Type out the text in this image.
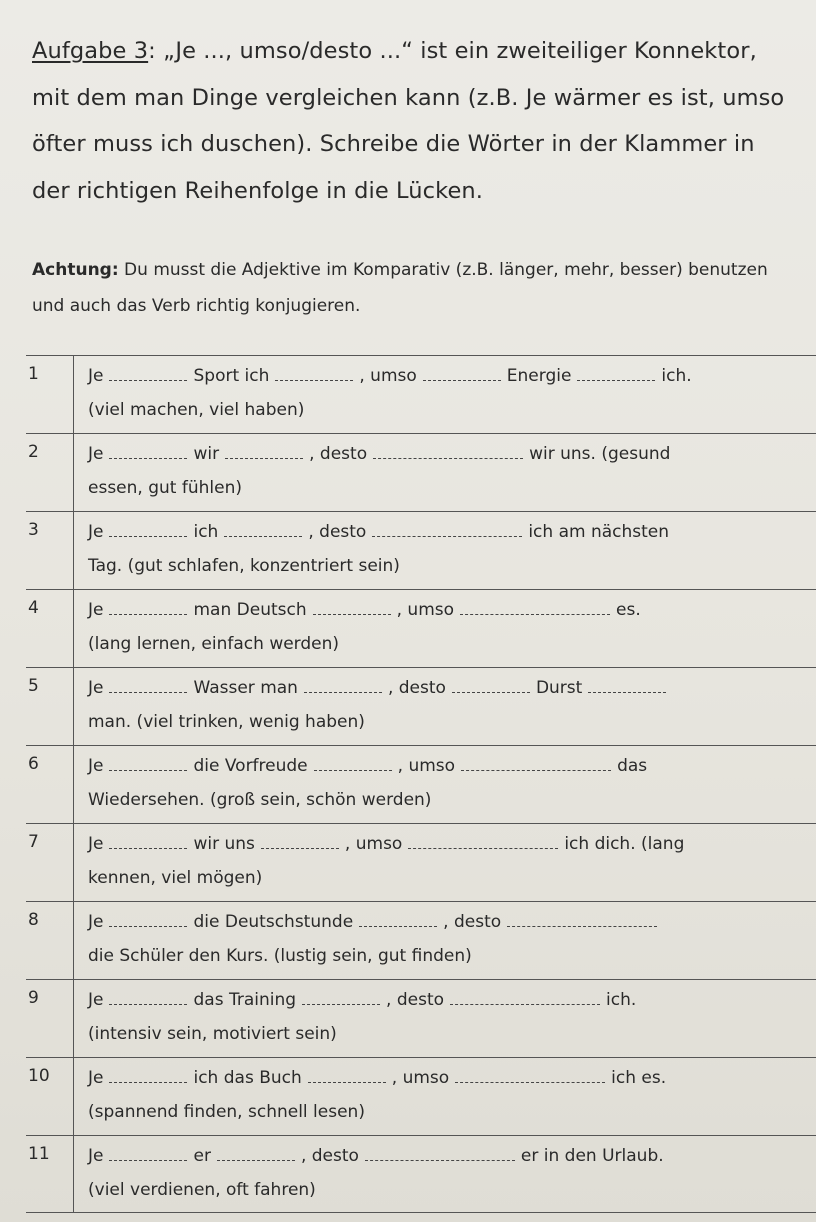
Aufgabe 3: „Je ..., umso/desto ...“ ist ein zweiteiliger Konnektor, mit dem man Dinge vergleichen kann (z.B. Je wärmer es ist, umso öfter muss ich duschen). Schreibe die Wörter in der Klammer in der richtigen Reihenfolge in die Lücken.
Achtung: Du musst die Adjektive im Komparativ (z.B. länger, mehr, besser) benutzen und auch das Verb richtig konjugieren.
1	Je	Sport ich	, umso	Energie	ich.
(viel machen, viel haben)
2	Je	wir	, desto	wir uns. (gesund
essen, gut fühlen)
3	Je	ich	, desto	ich am nächsten
Tag. (gut schlafen, konzentriert sein)
4	Je	man Deutsch	, umso	es.
(lang lernen, einfach werden)
5	Je	Wasser man	, desto	Durst
man. (viel trinken, wenig haben)
6	Je	die Vorfreude	, umso	das
Wiedersehen. (groß sein, schön werden)
7	Je	wir uns	, umso	ich dich. (lang
kennen, viel mögen)
8	Je	die Deutschstunde	, desto
die Schüler den Kurs. (lustig sein, gut finden)
9	Je	das Training	, desto	ich.
(intensiv sein, motiviert sein)
10	Je	ich das Buch	, umso	ich es.
(spannend finden, schnell lesen)
11	Je	er	, desto	er in den Urlaub.
(viel verdienen, oft fahren)
